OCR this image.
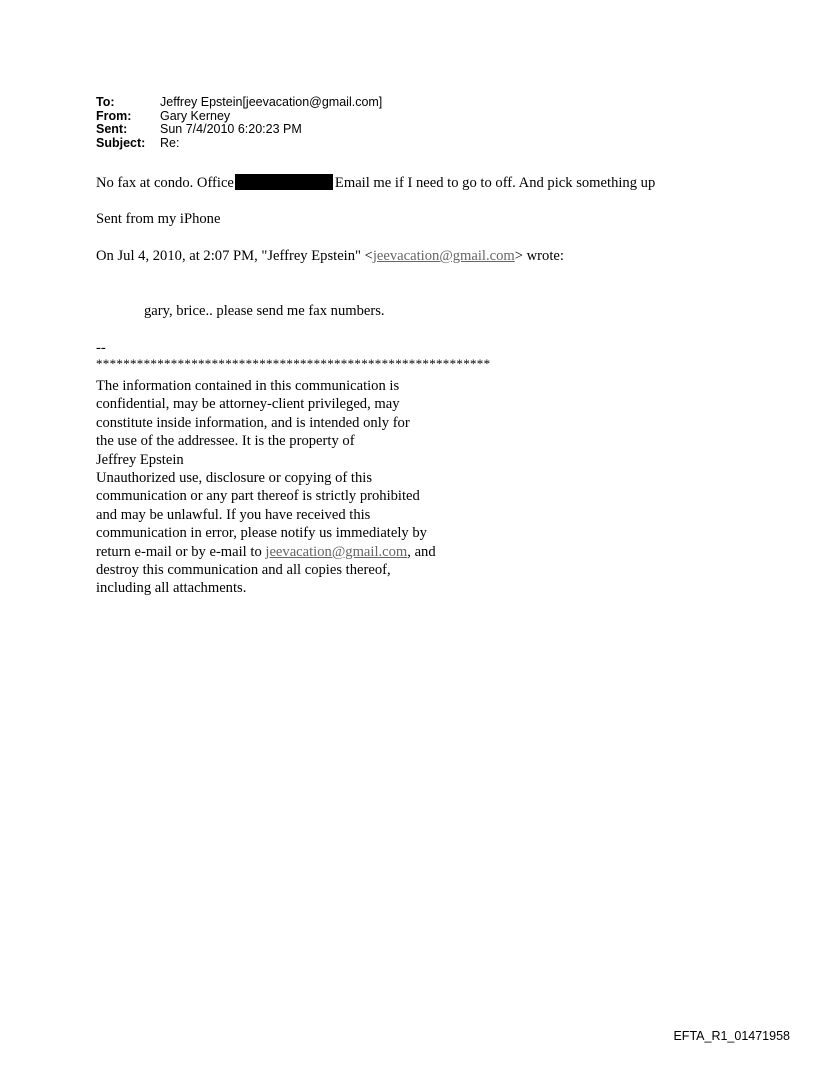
To:	Jeffrey Epstein[jeevacation@gmail.com]
From:	Gary Kerney
Sent:	Sun 7/4/2010 6:20:23 PM
Subject:	Re:
No fax at condo. Office	Email me if I need to go to off. And pick something up
Sent from my iPhone
On Jul 4, 2010, at 2:07 PM, "Jeffrey Epstein" <jeevacation@gmail.com> wrote:
gary, brice.. please send me fax numbers.
--
**********************************************************
The information contained in this communication is
confidential, may be attorney-client privileged, may
constitute inside information, and is intended only for
the use of the addressee. It is the property of
Jeffrey Epstein
Unauthorized use, disclosure or copying of this
communication or any part thereof is strictly prohibited
and may be unlawful. If you have received this
communication in error, please notify us immediately by
return e-mail or by e-mail to jeevacation@gmail.com, and
destroy this communication and all copies thereof,
including all attachments.
EFTA_R1_01471958
